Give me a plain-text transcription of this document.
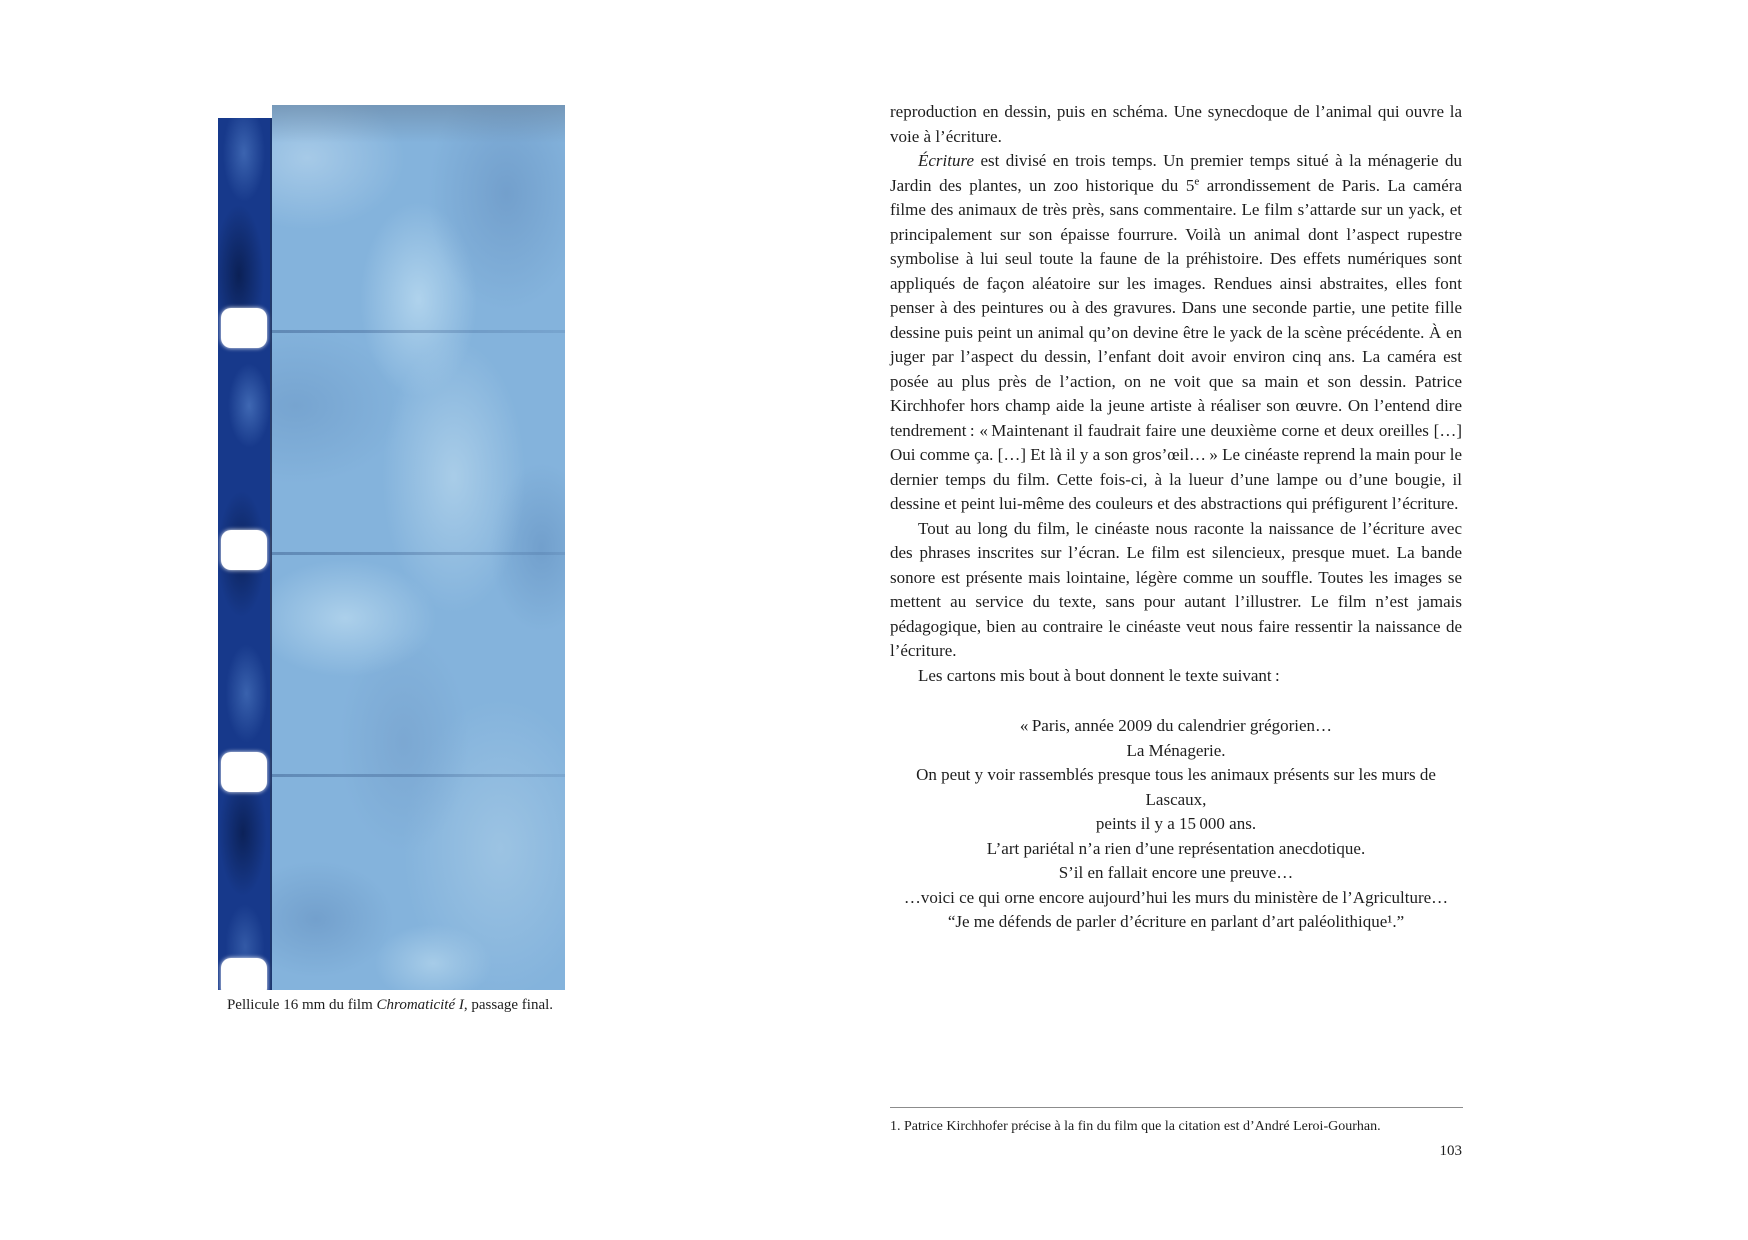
Pellicule 16 mm du film Chromaticité I, passage final.

reproduction en dessin, puis en schéma. Une synecdoque de l’animal qui ouvre la voie à l’écriture.

Écriture est divisé en trois temps. Un premier temps situé à la ménagerie du Jardin des plantes, un zoo historique du 5e arrondissement de Paris. La caméra filme des animaux de très près, sans commentaire. Le film s’attarde sur un yack, et principalement sur son épaisse fourrure. Voilà un animal dont l’aspect rupestre symbolise à lui seul toute la faune de la préhistoire. Des effets numériques sont appliqués de façon aléatoire sur les images. Rendues ainsi abstraites, elles font penser à des peintures ou à des gravures. Dans une seconde partie, une petite fille dessine puis peint un animal qu’on devine être le yack de la scène précédente. À en juger par l’aspect du dessin, l’enfant doit avoir environ cinq ans. La caméra est posée au plus près de l’action, on ne voit que sa main et son dessin. Patrice Kirchhofer hors champ aide la jeune artiste à réaliser son œuvre. On l’entend dire tendrement : « Maintenant il faudrait faire une deuxième corne et deux oreilles […] Oui comme ça. […] Et là il y a son gros’œil… » Le cinéaste reprend la main pour le dernier temps du film. Cette fois-ci, à la lueur d’une lampe ou d’une bougie, il dessine et peint lui-même des couleurs et des abstractions qui préfigurent l’écriture.

Tout au long du film, le cinéaste nous raconte la naissance de l’écriture avec des phrases inscrites sur l’écran. Le film est silencieux, presque muet. La bande sonore est présente mais lointaine, légère comme un souffle. Toutes les images se mettent au service du texte, sans pour autant l’illustrer. Le film n’est jamais pédagogique, bien au contraire le cinéaste veut nous faire ressentir la naissance de l’écriture.

Les cartons mis bout à bout donnent le texte suivant :

« Paris, année 2009 du calendrier grégorien…
La Ménagerie.
On peut y voir rassemblés presque tous les animaux présents sur les murs de Lascaux,
peints il y a 15 000 ans.
L’art pariétal n’a rien d’une représentation anecdotique.
S’il en fallait encore une preuve…
…voici ce qui orne encore aujourd’hui les murs du ministère de l’Agriculture…
“Je me défends de parler d’écriture en parlant d’art paléolithique¹.”

1. Patrice Kirchhofer précise à la fin du film que la citation est d’André Leroi-Gourhan.

103
